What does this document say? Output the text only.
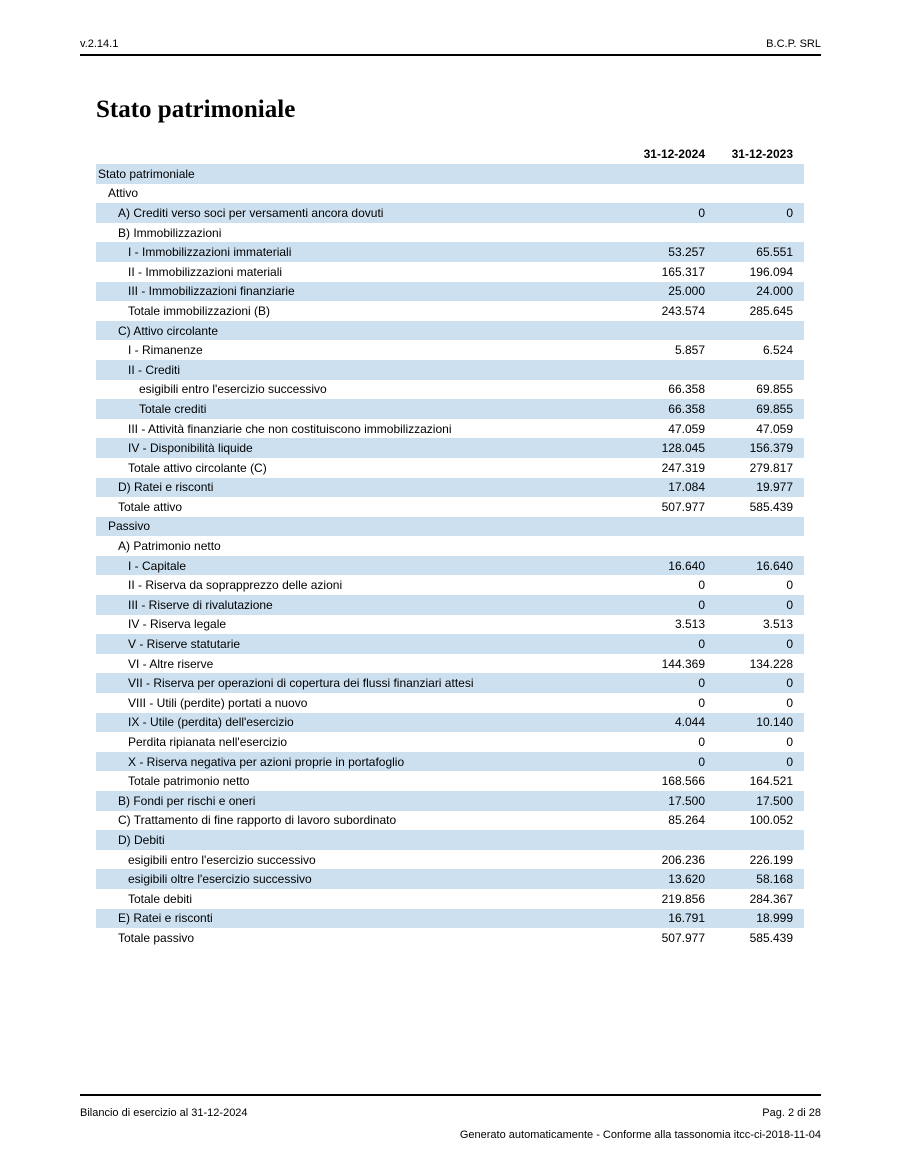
v.2.14.1	B.C.P. SRL
Stato patrimoniale
	31-12-2024	31-12-2023
Stato patrimoniale		
Attivo		
A) Crediti verso soci per versamenti ancora dovuti	0	0
B) Immobilizzazioni		
I - Immobilizzazioni immateriali	53.257	65.551
II - Immobilizzazioni materiali	165.317	196.094
III - Immobilizzazioni finanziarie	25.000	24.000
Totale immobilizzazioni (B)	243.574	285.645
C) Attivo circolante		
I - Rimanenze	5.857	6.524
II - Crediti		
esigibili entro l'esercizio successivo	66.358	69.855
Totale crediti	66.358	69.855
III - Attività finanziarie che non costituiscono immobilizzazioni	47.059	47.059
IV - Disponibilità liquide	128.045	156.379
Totale attivo circolante (C)	247.319	279.817
D) Ratei e risconti	17.084	19.977
Totale attivo	507.977	585.439
Passivo		
A) Patrimonio netto		
I - Capitale	16.640	16.640
II - Riserva da soprapprezzo delle azioni	0	0
III - Riserve di rivalutazione	0	0
IV - Riserva legale	3.513	3.513
V - Riserve statutarie	0	0
VI - Altre riserve	144.369	134.228
VII - Riserva per operazioni di copertura dei flussi finanziari attesi	0	0
VIII - Utili (perdite) portati a nuovo	0	0
IX - Utile (perdita) dell'esercizio	4.044	10.140
Perdita ripianata nell'esercizio	0	0
X - Riserva negativa per azioni proprie in portafoglio	0	0
Totale patrimonio netto	168.566	164.521
B) Fondi per rischi e oneri	17.500	17.500
C) Trattamento di fine rapporto di lavoro subordinato	85.264	100.052
D) Debiti		
esigibili entro l'esercizio successivo	206.236	226.199
esigibili oltre l'esercizio successivo	13.620	58.168
Totale debiti	219.856	284.367
E) Ratei e risconti	16.791	18.999
Totale passivo	507.977	585.439
Bilancio di esercizio al 31-12-2024	Pag. 2 di 28
Generato automaticamente - Conforme alla tassonomia itcc-ci-2018-11-04
